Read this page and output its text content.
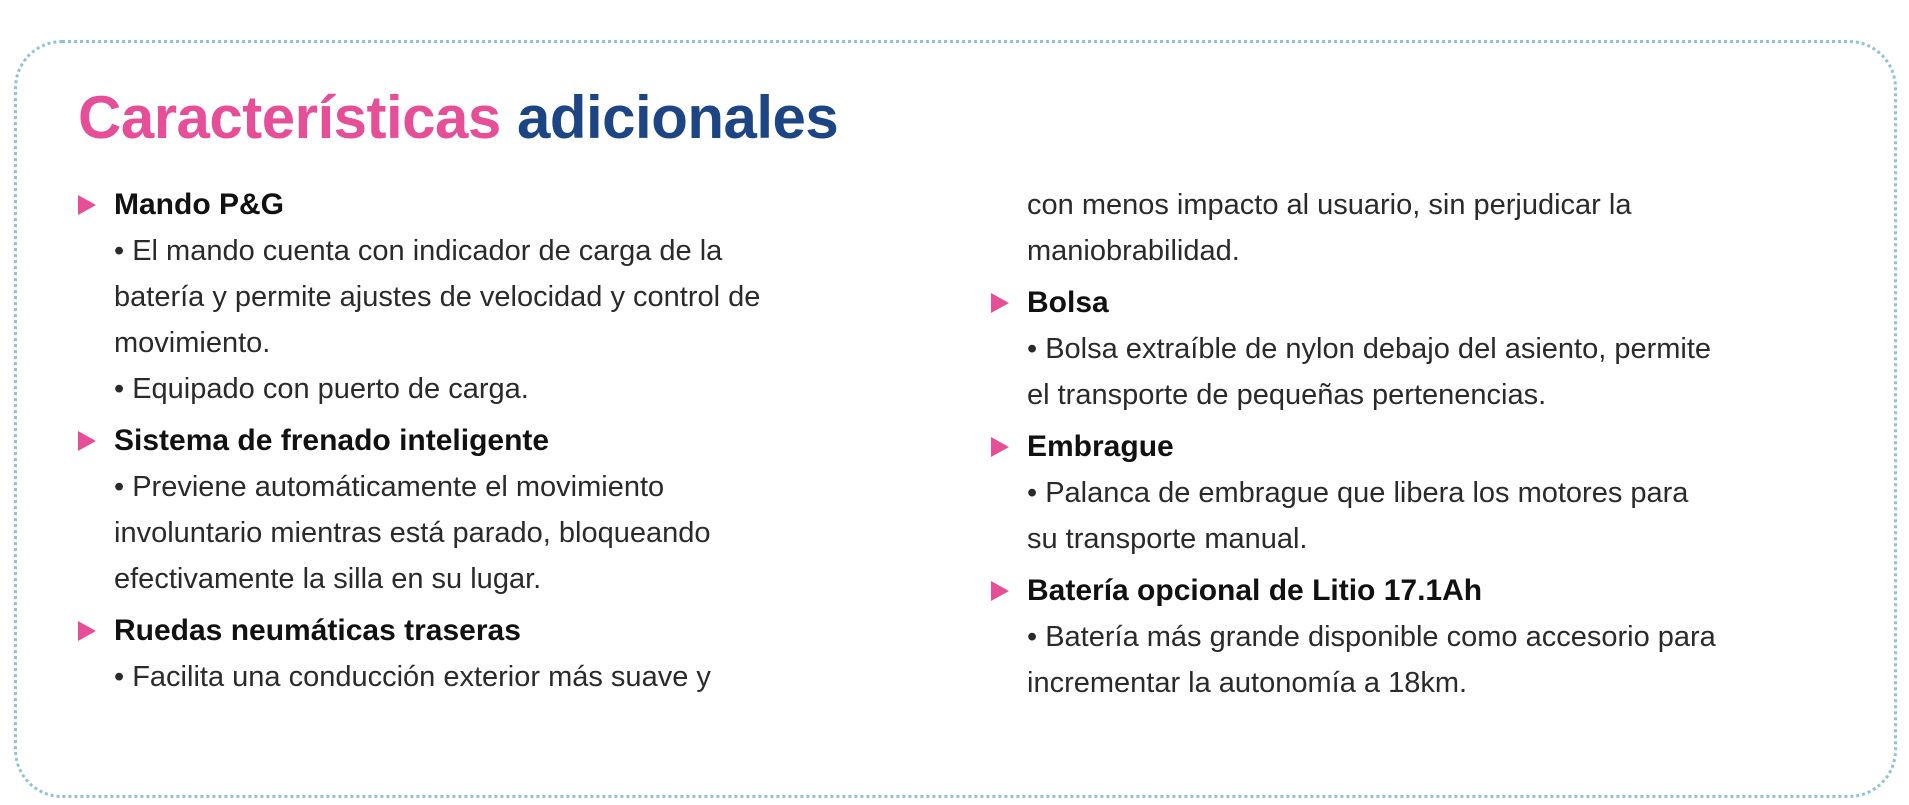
Características adicionales
Mando P&G

• El mando cuenta con indicador de carga de la

batería y permite ajustes de velocidad y control de

movimiento.

• Equipado con puerto de carga.

Sistema de frenado inteligente

• Previene automáticamente el movimiento

involuntario mientras está parado, bloqueando

efectivamente la silla en su lugar.

Ruedas neumáticas traseras

• Facilita una conducción exterior más suave y

con menos impacto al usuario, sin perjudicar la

maniobrabilidad.

Bolsa

• Bolsa extraíble de nylon debajo del asiento, permite

el transporte de pequeñas pertenencias.

Embrague

• Palanca de embrague que libera los motores para

su transporte manual.

Batería opcional de Litio 17.1Ah

• Batería más grande disponible como accesorio para

incrementar la autonomía a 18km.
